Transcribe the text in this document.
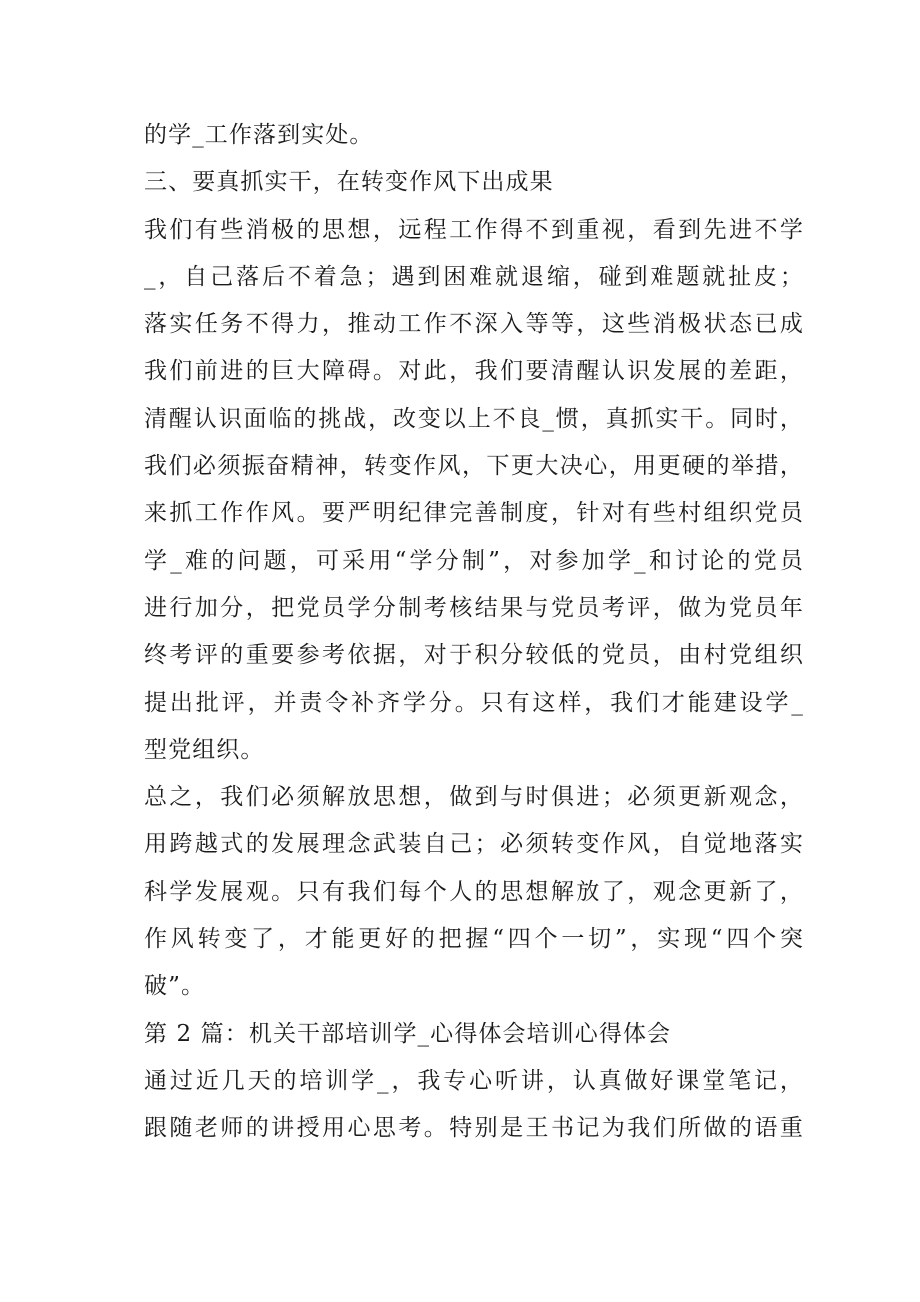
的学_工作落到实处。
三、要真抓实干，在转变作风下出成果
我们有些消极的思想，远程工作得不到重视，看到先进不学
_，自己落后不着急；遇到困难就退缩，碰到难题就扯皮；
落实任务不得力，推动工作不深入等等，这些消极状态已成
我们前进的巨大障碍。对此，我们要清醒认识发展的差距，
清醒认识面临的挑战，改变以上不良_惯，真抓实干。同时，
我们必须振奋精神，转变作风，下更大决心，用更硬的举措，
来抓工作作风。要严明纪律完善制度，针对有些村组织党员
学_难的问题，可采用“学分制”，对参加学_和讨论的党员
进行加分，把党员学分制考核结果与党员考评，做为党员年
终考评的重要参考依据，对于积分较低的党员，由村党组织
提出批评，并责令补齐学分。只有这样，我们才能建设学_
型党组织。
总之，我们必须解放思想，做到与时俱进；必须更新观念，
用跨越式的发展理念武装自己；必须转变作风，自觉地落实
科学发展观。只有我们每个人的思想解放了，观念更新了，
作风转变了，才能更好的把握“四个一切”，实现“四个突
破”。
第 2 篇：机关干部培训学_心得体会培训心得体会
通过近几天的培训学_，我专心听讲，认真做好课堂笔记，
跟随老师的讲授用心思考。特别是王书记为我们所做的语重
